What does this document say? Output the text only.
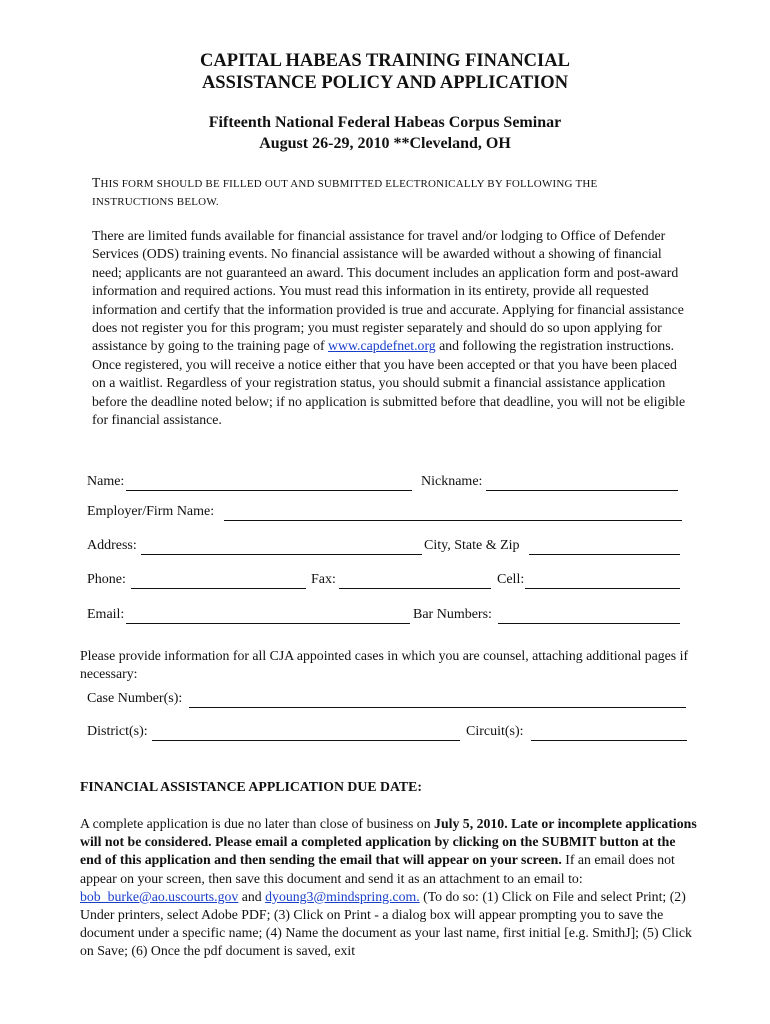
CAPITAL HABEAS TRAINING FINANCIAL
ASSISTANCE POLICY AND APPLICATION
Fifteenth National Federal Habeas Corpus Seminar
August 26-29, 2010 **Cleveland, OH
THIS FORM SHOULD BE FILLED OUT AND SUBMITTED ELECTRONICALLY BY FOLLOWING THE
INSTRUCTIONS BELOW.
There are limited funds available for financial assistance for travel and/or lodging to Office of Defender Services (ODS) training events. No financial assistance will be awarded without a showing of financial need; applicants are not guaranteed an award. This document includes an application form and post-award information and required actions. You must read this information in its entirety, provide all requested information and certify that the information provided is true and accurate. Applying for financial assistance does not register you for this program; you must register separately and should do so upon applying for assistance by going to the training page of www.capdefnet.org and following the registration instructions. Once registered, you will receive a notice either that you have been accepted or that you have been placed on a waitlist. Regardless of your registration status, you should submit a financial assistance application before the deadline noted below; if no application is submitted before that deadline, you will not be eligible for financial assistance.
Name:	Nickname:
Employer/Firm Name:
Address:	City, State & Zip
Phone:	Fax:	Cell:
Email:	Bar Numbers:
Please provide information for all CJA appointed cases in which you are counsel, attaching additional pages if necessary:
Case Number(s):
District(s):	Circuit(s):
FINANCIAL ASSISTANCE APPLICATION DUE DATE:
A complete application is due no later than close of business on July 5, 2010. Late or incomplete applications will not be considered. Please email a completed application by clicking on the SUBMIT button at the end of this application and then sending the email that will appear on your screen. If an email does not appear on your screen, then save this document and send it as an attachment to an email to: bob_burke@ao.uscourts.gov and dyoung3@mindspring.com. (To do so: (1) Click on File and select Print; (2) Under printers, select Adobe PDF; (3) Click on Print - a dialog box will appear prompting you to save the document under a specific name; (4) Name the document as your last name, first initial [e.g. SmithJ]; (5) Click on Save; (6) Once the pdf document is saved, exit
